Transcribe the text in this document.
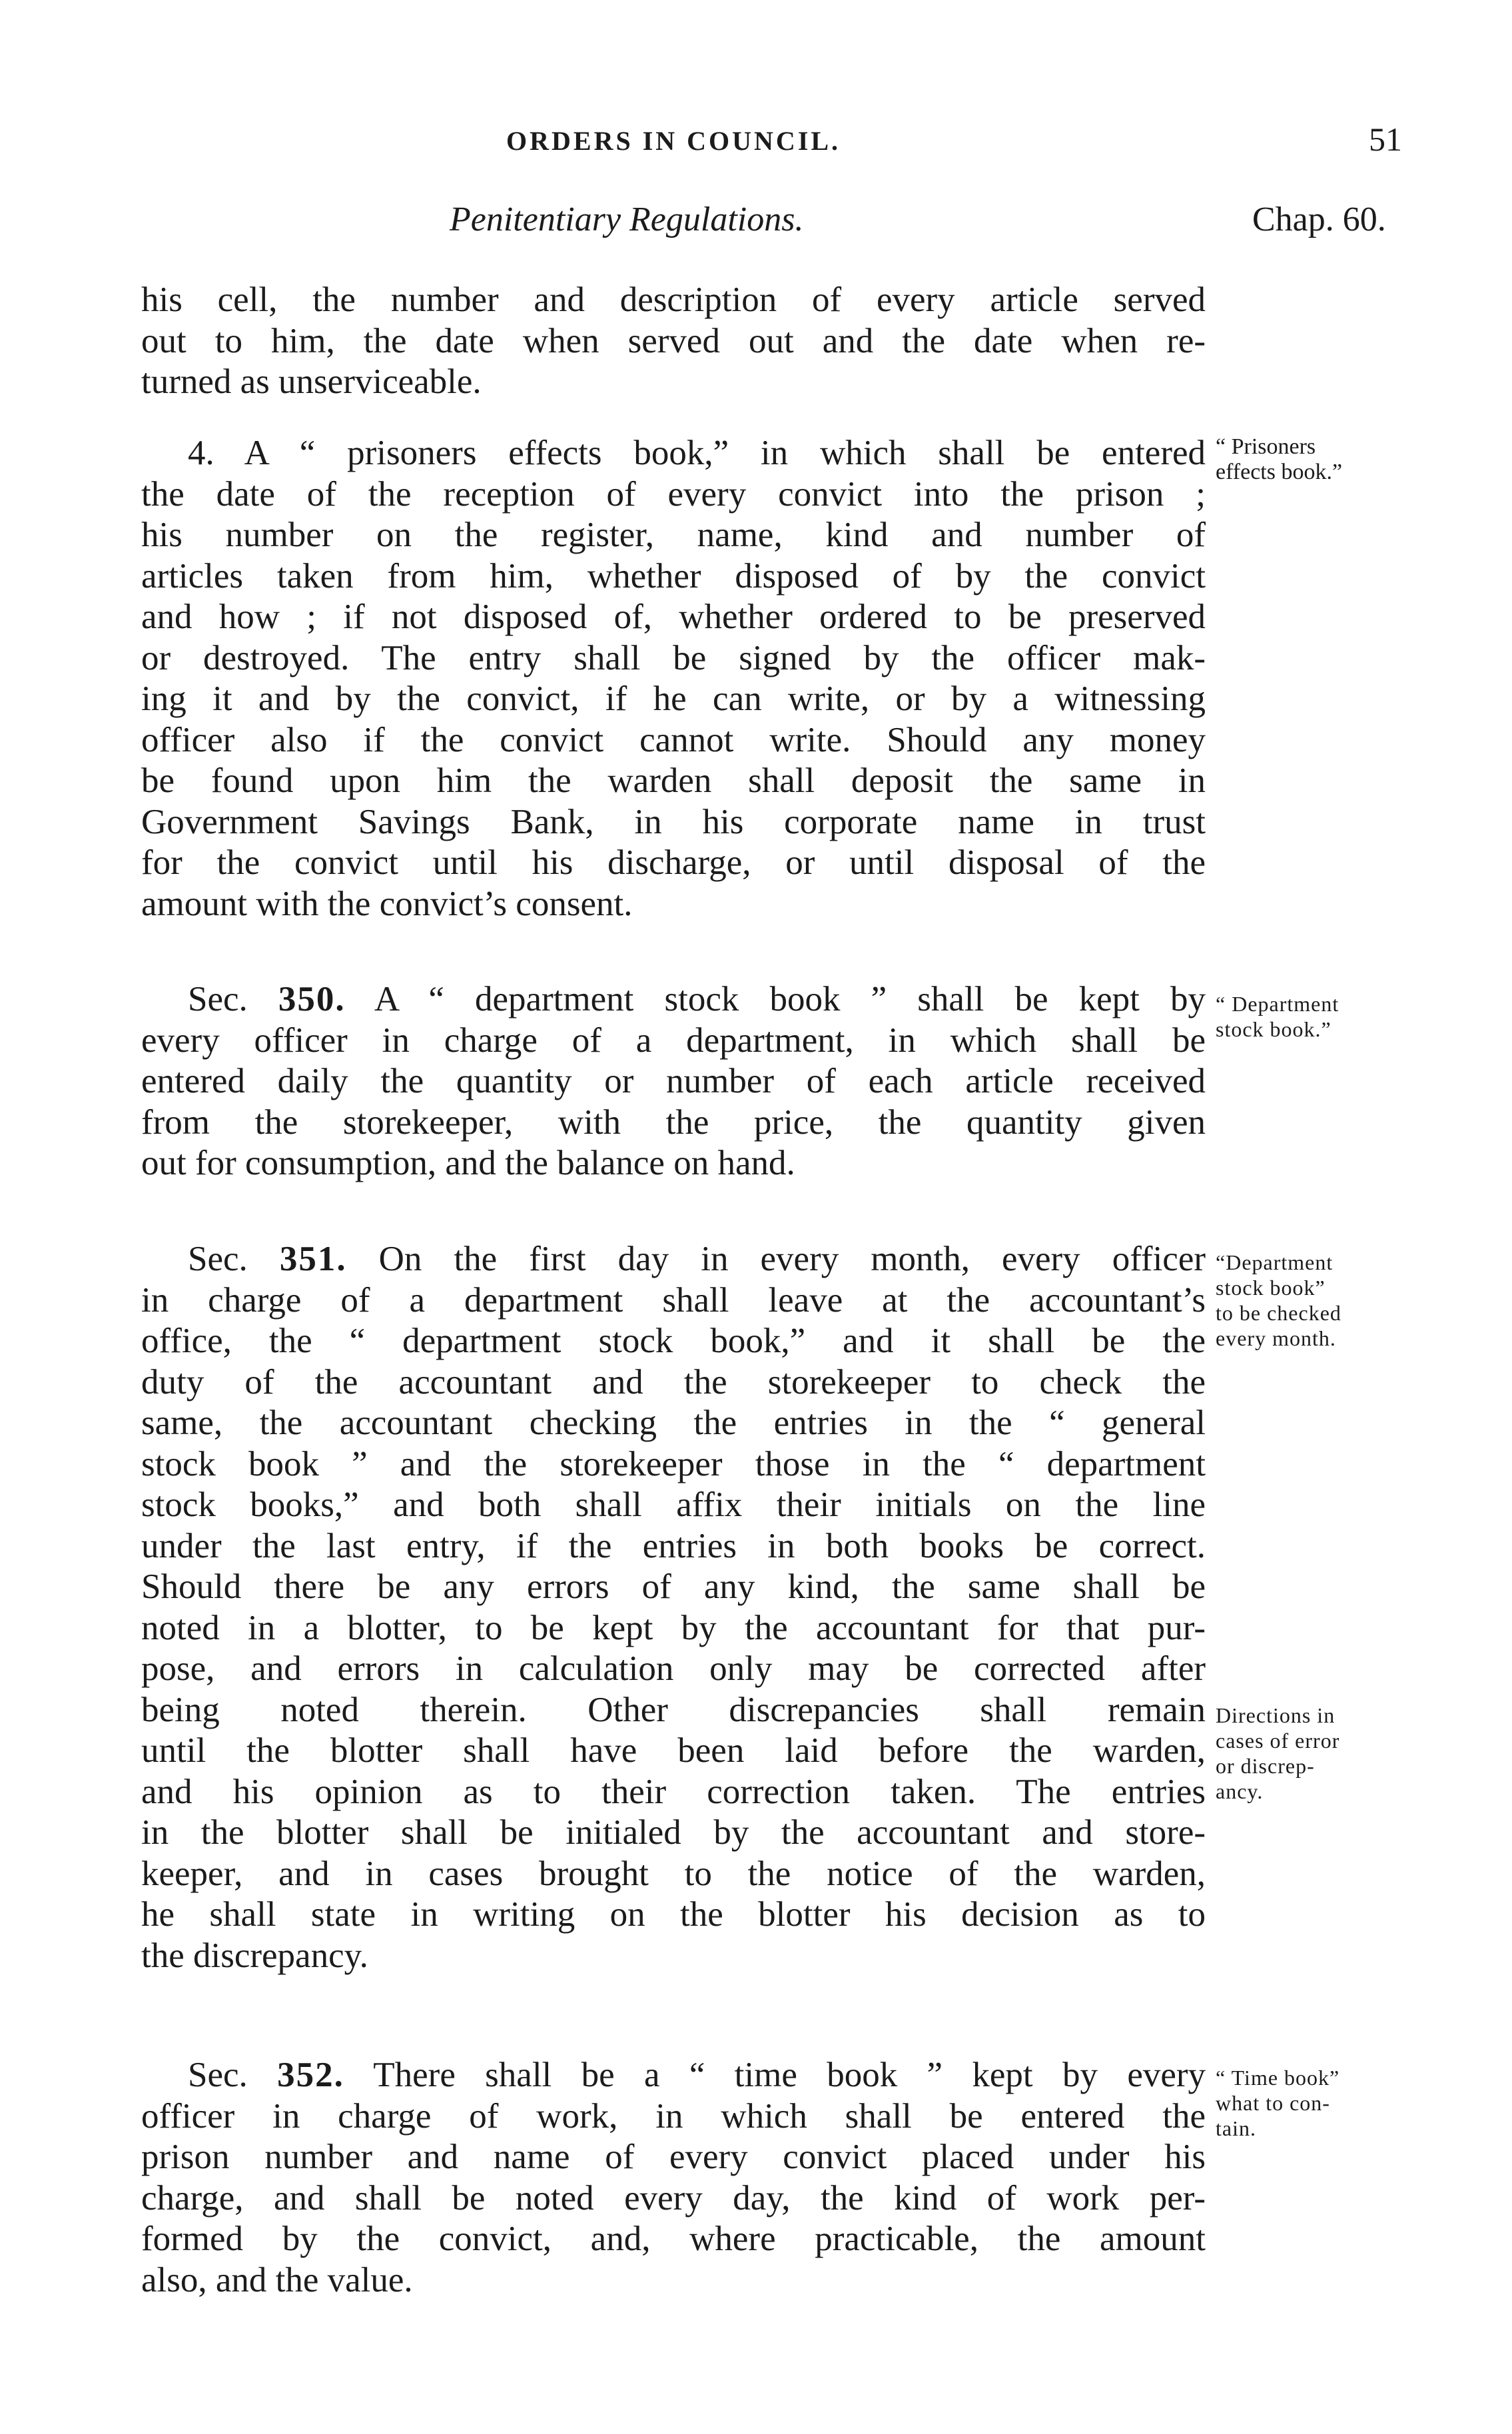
ORDERS IN COUNCIL.	51
Penitentiary Regulations.	Chap. 60.
his cell, the number and description of every article served
out to him, the date when served out and the date when re-
turned as unserviceable.
4. A “ prisoners effects book,” in which shall be entered
the date of the reception of every convict into the prison ;
his number on the register, name, kind and number of
articles taken from him, whether disposed of by the convict
and how ; if not disposed of, whether ordered to be preserved
or destroyed. The entry shall be signed by the officer mak-
ing it and by the convict, if he can write, or by a witnessing
officer also if the convict cannot write. Should any money
be found upon him the warden shall deposit the same in
Government Savings Bank, in his corporate name in trust
for the convict until his discharge, or until disposal of the
amount with the convict’s consent.
“ Prisoners
effects book.”
Sec. 350. A “ department stock book ” shall be kept by
every officer in charge of a department, in which shall be
entered daily the quantity or number of each article received
from the storekeeper, with the price, the quantity given
out for consumption, and the balance on hand.
“ Department
stock book.”
Sec. 351. On the first day in every month, every officer
in charge of a department shall leave at the accountant’s
office, the “ department stock book,” and it shall be the
duty of the accountant and the storekeeper to check the
same, the accountant checking the entries in the “ general
stock book ” and the storekeeper those in the “ department
stock books,” and both shall affix their initials on the line
under the last entry, if the entries in both books be correct.
Should there be any errors of any kind, the same shall be
noted in a blotter, to be kept by the accountant for that pur-
pose, and errors in calculation only may be corrected after
being noted therein. Other discrepancies shall remain
until the blotter shall have been laid before the warden,
and his opinion as to their correction taken. The entries
in the blotter shall be initialed by the accountant and store-
keeper, and in cases brought to the notice of the warden,
he shall state in writing on the blotter his decision as to
the discrepancy.
“Department
stock book”
to be checked
every month.
Directions in
cases of error
or discrep-
ancy.
Sec. 352. There shall be a “ time book ” kept by every
officer in charge of work, in which shall be entered the
prison number and name of every convict placed under his
charge, and shall be noted every day, the kind of work per-
formed by the convict, and, where practicable, the amount
also, and the value.
“ Time book”
what to con-
tain.
